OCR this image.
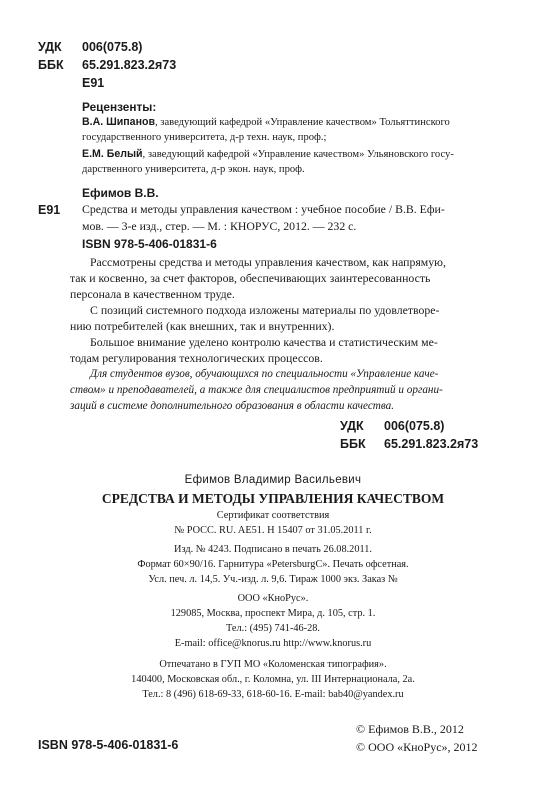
УДК 006(075.8)
ББК 65.291.823.2я73
Е91
Рецензенты:
В.А. Шипанов, заведующий кафедрой «Управление качеством» Тольяттинского
государственного университета, д-р техн. наук, проф.;
Е.М. Белый, заведующий кафедрой «Управление качеством» Ульяновского госу-
дарственного университета, д-р экон. наук, проф.
Ефимов В.В.
Е91 Средства и методы управления качеством : учебное пособие / В.В. Ефи-
мов. — 3-е изд., стер. — М. : КНОРУС, 2012. — 232 с.
ISBN 978-5-406-01831-6
Рассмотрены средства и методы управления качеством, как напрямую,
так и косвенно, за счет факторов, обеспечивающих заинтересованность
персонала в качественном труде.
С позиций системного подхода изложены материалы по удовлетворе-
нию потребителей (как внешних, так и внутренних).
Большое внимание уделено контролю качества и статистическим ме-
тодам регулирования технологических процессов.
Для студентов вузов, обучающихся по специальности «Управление каче-
ством» и преподавателей, а также для специалистов предприятий и органи-
заций в системе дополнительного образования в области качества.
УДК 006(075.8)
ББК 65.291.823.2я73
Ефимов Владимир Васильевич
СРЕДСТВА И МЕТОДЫ УПРАВЛЕНИЯ КАЧЕСТВОМ
Сертификат соответствия
№ РОСС. RU. AE51. Н 15407 от 31.05.2011 г.
Изд. № 4243. Подписано в печать 26.08.2011.
Формат 60×90/16. Гарнитура «PetersburgC». Печать офсетная.
Усл. печ. л. 14,5. Уч.-изд. л. 9,6. Тираж 1000 экз. Заказ №
ООО «КноРус».
129085, Москва, проспект Мира, д. 105, стр. 1.
Тел.: (495) 741-46-28.
E-mail: office@knorus.ru http://www.knorus.ru
Отпечатано в ГУП МО «Коломенская типография».
140400, Московская обл., г. Коломна, ул. III Интернационала, 2а.
Тел.: 8 (496) 618-69-33, 618-60-16. E-mail: bab40@yandex.ru
ISBN 978-5-406-01831-6
© Ефимов В.В., 2012
© ООО «КноРус», 2012
